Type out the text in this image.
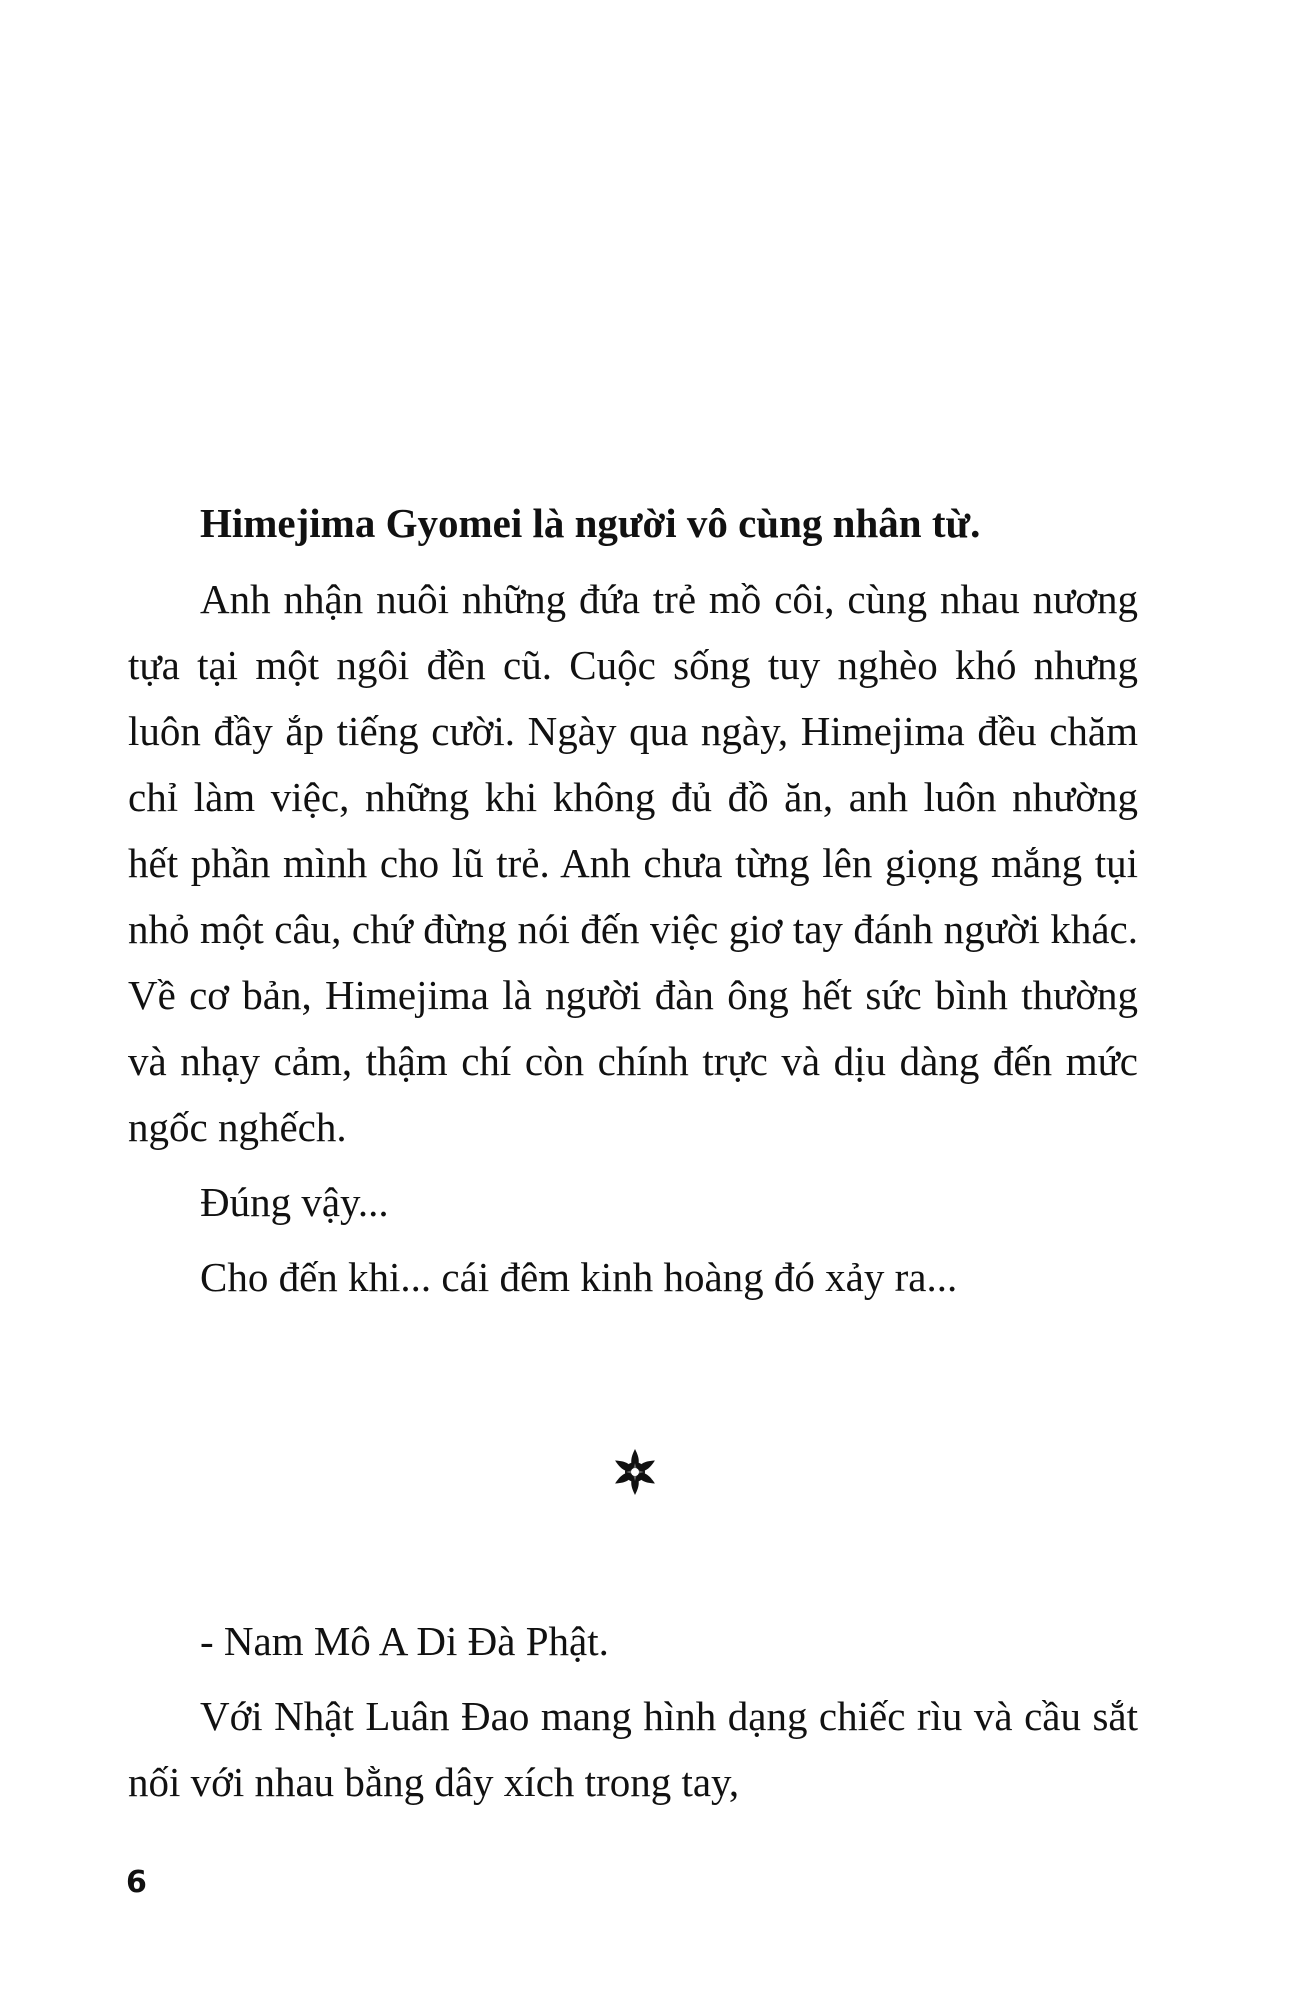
Himejima Gyomei là người vô cùng nhân từ.

Anh nhận nuôi những đứa trẻ mồ côi, cùng nhau nương tựa tại một ngôi đền cũ. Cuộc sống tuy nghèo khó nhưng luôn đầy ắp tiếng cười. Ngày qua ngày, Himejima đều chăm chỉ làm việc, những khi không đủ đồ ăn, anh luôn nhường hết phần mình cho lũ trẻ. Anh chưa từng lên giọng mắng tụi nhỏ một câu, chứ đừng nói đến việc giơ tay đánh người khác. Về cơ bản, Himejima là người đàn ông hết sức bình thường và nhạy cảm, thậm chí còn chính trực và dịu dàng đến mức ngốc nghếch.

Đúng vậy...

Cho đến khi... cái đêm kinh hoàng đó xảy ra...

- Nam Mô A Di Đà Phật.

Với Nhật Luân Đao mang hình dạng chiếc rìu và cầu sắt nối với nhau bằng dây xích trong tay,

6
